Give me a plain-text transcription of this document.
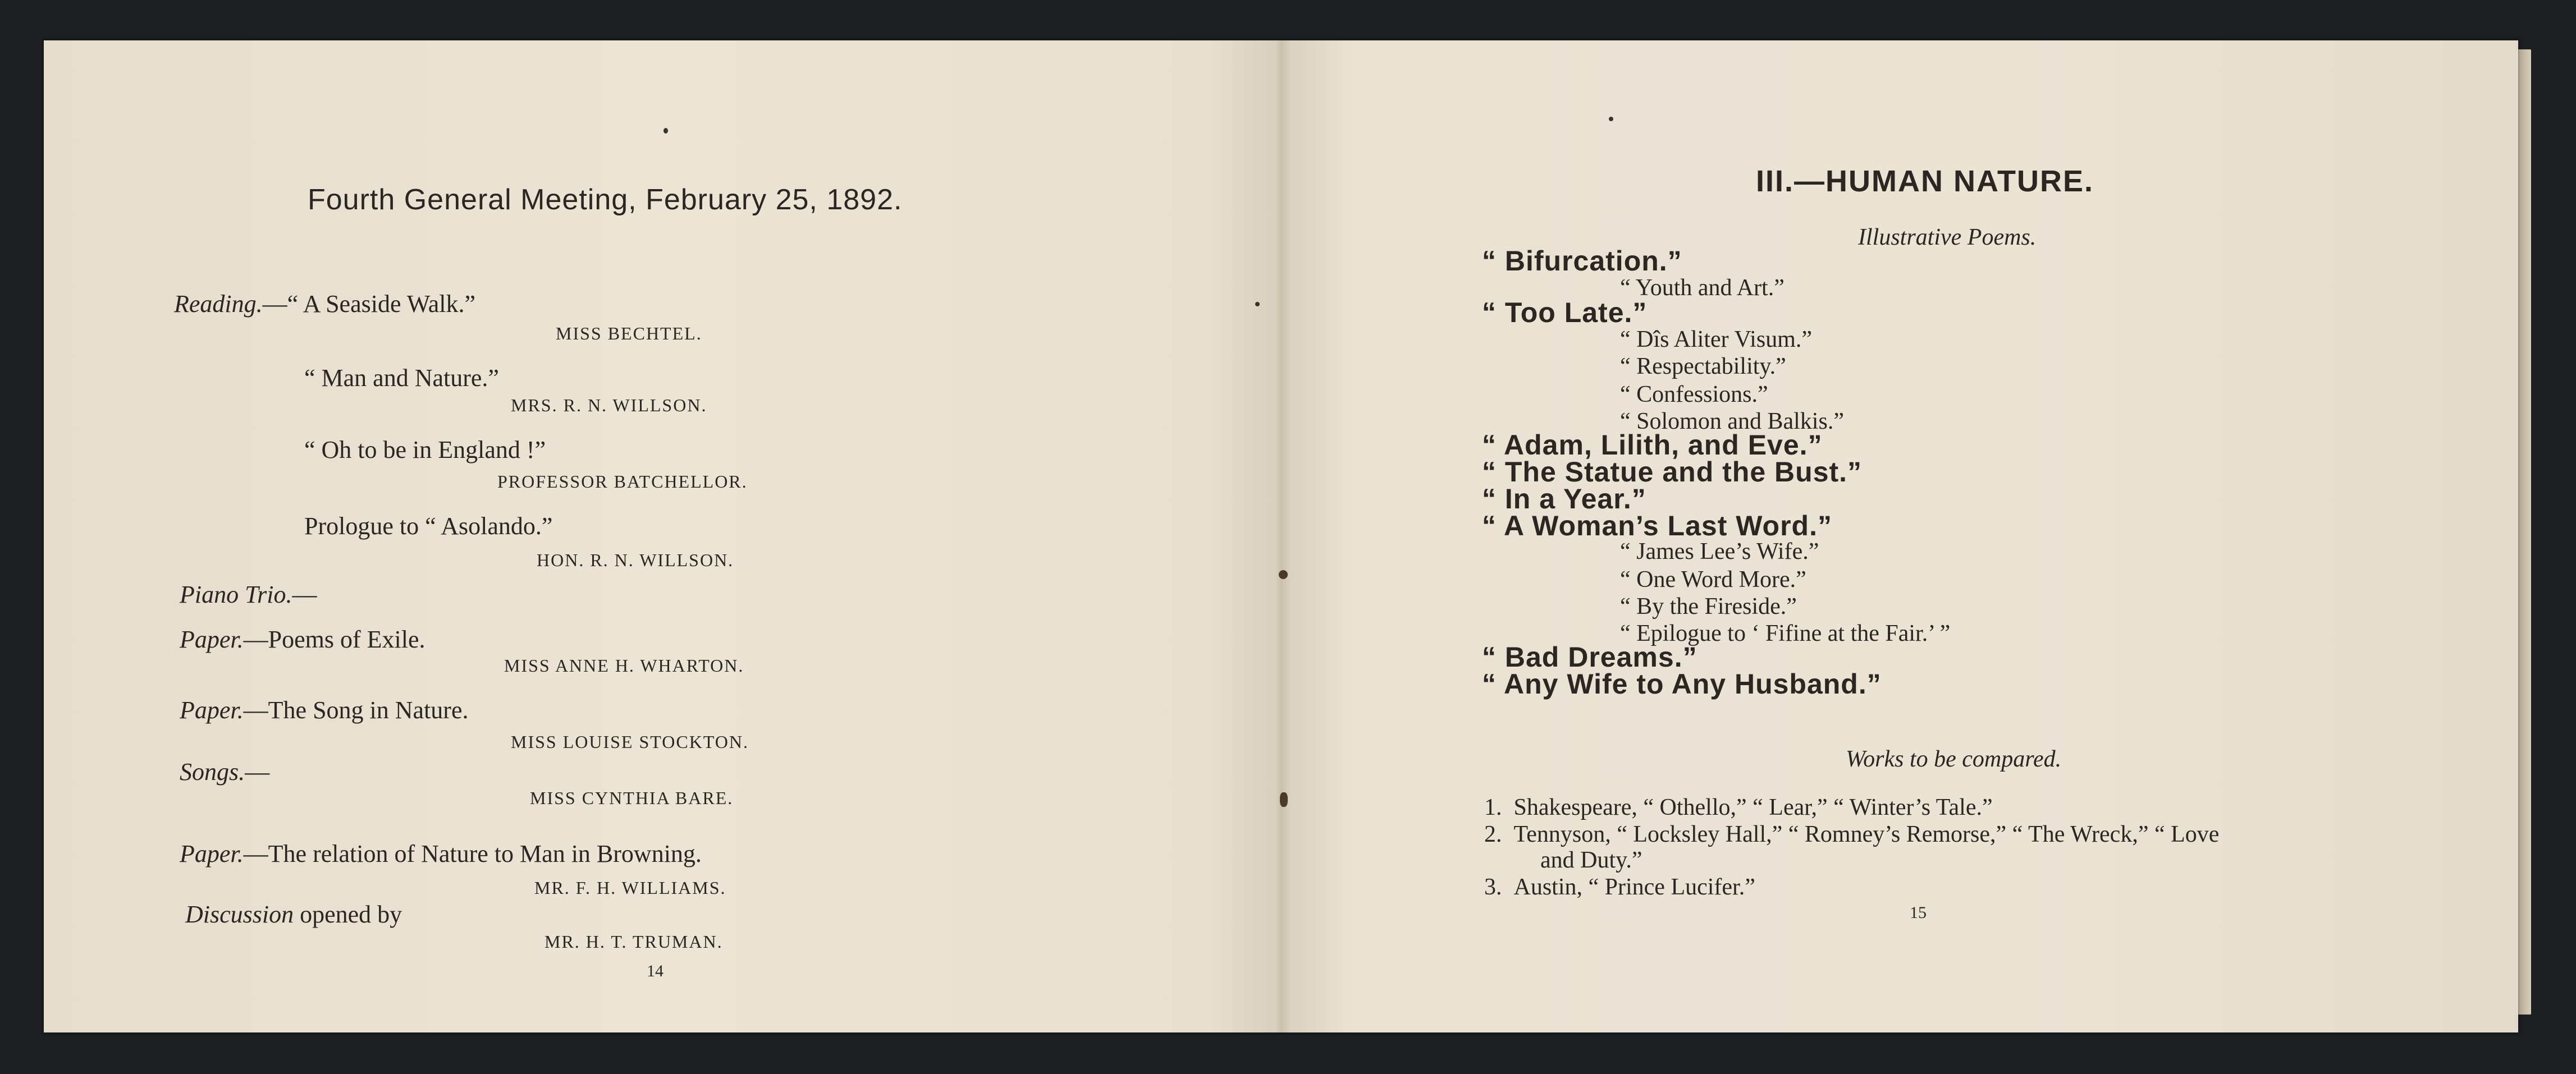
Fourth General Meeting, February 25, 1892.
Reading.—“ A Seaside Walk.”
MISS BECHTEL.
“ Man and Nature.”
MRS. R. N. WILLSON.
“ Oh to be in England !”
PROFESSOR BATCHELLOR.
Prologue to “ Asolando.”
HON. R. N. WILLSON.
Piano Trio.—
Paper.—Poems of Exile.
MISS ANNE H. WHARTON.
Paper.—The Song in Nature.
MISS LOUISE STOCKTON.
Songs.—
MISS CYNTHIA BARE.
Paper.—The relation of Nature to Man in Browning.
MR. F. H. WILLIAMS.
Discussion opened by
MR. H. T. TRUMAN.
14
III.—HUMAN NATURE.
Illustrative Poems.
“ Bifurcation.”
“ Youth and Art.”
“ Too Late.”
“ Dîs Aliter Visum.”
“ Respectability.”
“ Confessions.”
“ Solomon and Balkis.”
“ Adam, Lilith, and Eve.”
“ The Statue and the Bust.”
“ In a Year.”
“ A Woman’s Last Word.”
“ James Lee’s Wife.”
“ One Word More.”
“ By the Fireside.”
“ Epilogue to ‘ Fifine at the Fair.’ ”
“ Bad Dreams.”
“ Any Wife to Any Husband.”
Works to be compared.
1. Shakespeare, “ Othello,” “ Lear,” “ Winter’s Tale.”
2. Tennyson, “ Locksley Hall,” “ Romney’s Remorse,” “ The Wreck,” “ Love
and Duty.”
3. Austin, “ Prince Lucifer.”
15
